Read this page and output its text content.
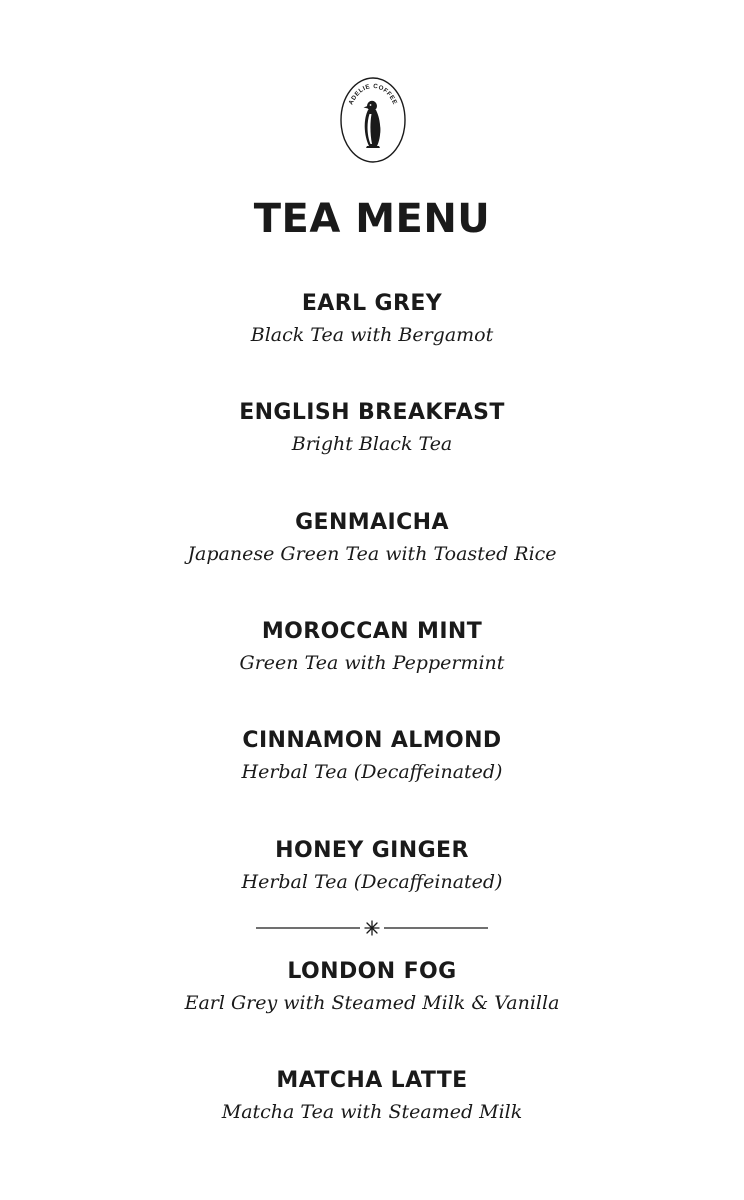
ADELIE COFFEE
TEA MENU
EARL GREY
Black Tea with Bergamot
ENGLISH BREAKFAST
Bright Black Tea
GENMAICHA
Japanese Green Tea with Toasted Rice
MOROCCAN MINT
Green Tea with Peppermint
CINNAMON ALMOND
Herbal Tea (Decaffeinated)
HONEY GINGER
Herbal Tea (Decaffeinated)
LONDON FOG
Earl Grey with Steamed Milk & Vanilla
MATCHA LATTE
Matcha Tea with Steamed Milk
